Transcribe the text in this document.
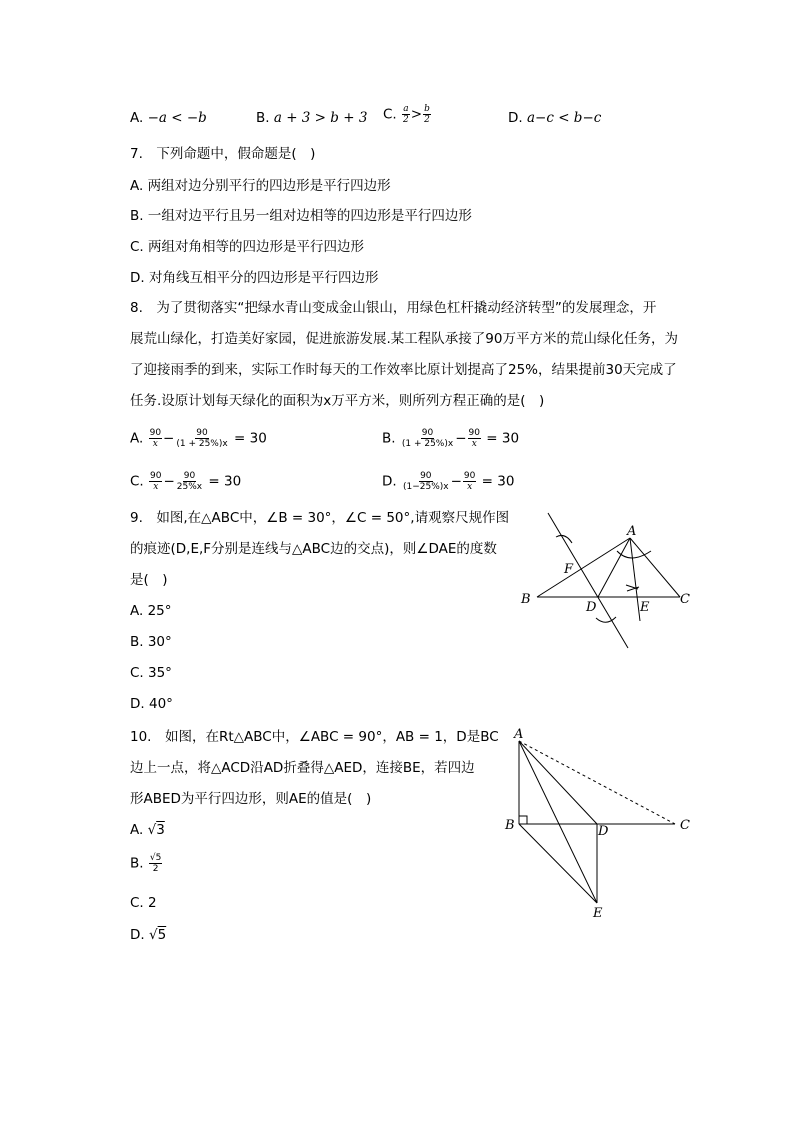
A. −a < −b	B. a + 3 > b + 3 C. $\frac{a}{2} > \frac{b}{2}$	D. a−c < b−c
7.　下列命题中，假命题是(　)
A. 两组对边分别平行的四边形是平行四边形
B. 一组对边平行且另一组对边相等的四边形是平行四边形
C. 两组对角相等的四边形是平行四边形
D. 对角线互相平分的四边形是平行四边形
8.　为了贯彻落实“把绿水青山变成金山银山，用绿色杠杆撬动经济转型”的发展理念，开
展荒山绿化，打造美好家园，促进旅游发展.某工程队承接了90万平方米的荒山绿化任务，为
了迎接雨季的到来，实际工作时每天的工作效率比原计划提高了25%，结果提前30天完成了
任务.设原计划每天绿化的面积为x万平方米，则所列方程正确的是(　)
A. $\frac{90}{x} - \frac{90}{(1 + 25\%)x} = 30$	B. $\frac{90}{(1 + 25\%)x} - \frac{90}{x} = 30$
C. $\frac{90}{x} - \frac{90}{25\%x} = 30$	D. $\frac{90}{(1-25\%)x} - \frac{90}{x} = 30$
9.　如图,在△ABC中，∠B = 30°，∠C = 50°,请观察尺规作图
的痕迹(D,E,F分别是连线与△ABC边的交点)，则∠DAE的度数
是(　)
A. 25°
B. 30°
C. 35°
D. 40°
A
B	C
D	E
F
10.　如图，在Rt△ABC中，∠ABC = 90°，AB = 1，D是BC
边上一点，将△ACD沿AD折叠得△AED，连接BE，若四边
形ABED为平行四边形，则AE的值是(　)
A. √3
B. $\frac{√5}{2}$
C. 2
D. √5
A
B	C
D
E
